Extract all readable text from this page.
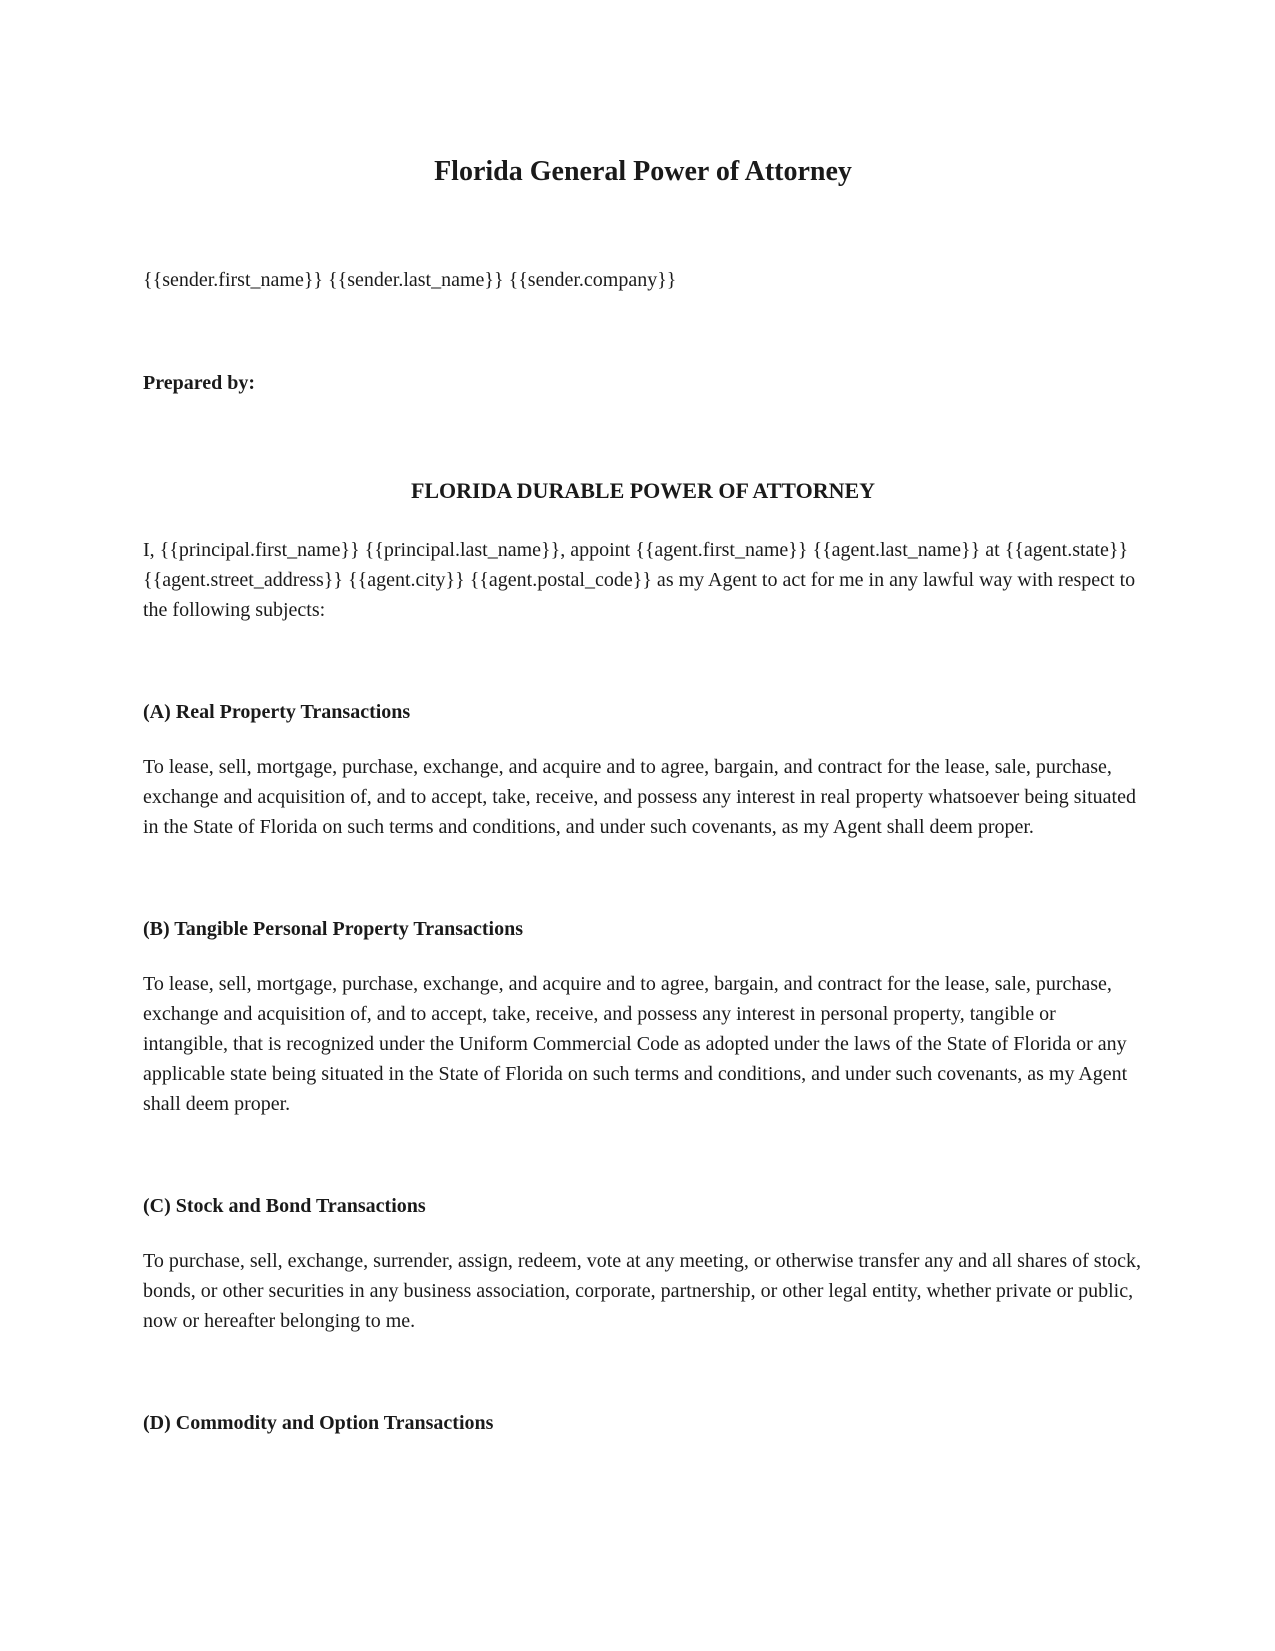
Florida General Power of Attorney

{{sender.first_name}} {{sender.last_name}} {{sender.company}}

Prepared by:

FLORIDA DURABLE POWER OF ATTORNEY

I, {{principal.first_name}} {{principal.last_name}}, appoint {{agent.first_name}} {{agent.last_name}} at {{agent.state}} {{agent.street_address}} {{agent.city}} {{agent.postal_code}} as my Agent to act for me in any lawful way with respect to the following subjects:

(A) Real Property Transactions

To lease, sell, mortgage, purchase, exchange, and acquire and to agree, bargain, and contract for the lease, sale, purchase, exchange and acquisition of, and to accept, take, receive, and possess any interest in real property whatsoever being situated in the State of Florida on such terms and conditions, and under such covenants, as my Agent shall deem proper.

(B) Tangible Personal Property Transactions

To lease, sell, mortgage, purchase, exchange, and acquire and to agree, bargain, and contract for the lease, sale, purchase, exchange and acquisition of, and to accept, take, receive, and possess any interest in personal property, tangible or intangible, that is recognized under the Uniform Commercial Code as adopted under the laws of the State of Florida or any applicable state being situated in the State of Florida on such terms and conditions, and under such covenants, as my Agent shall deem proper.

(C) Stock and Bond Transactions

To purchase, sell, exchange, surrender, assign, redeem, vote at any meeting, or otherwise transfer any and all shares of stock, bonds, or other securities in any business association, corporate, partnership, or other legal entity, whether private or public, now or hereafter belonging to me.

(D) Commodity and Option Transactions
